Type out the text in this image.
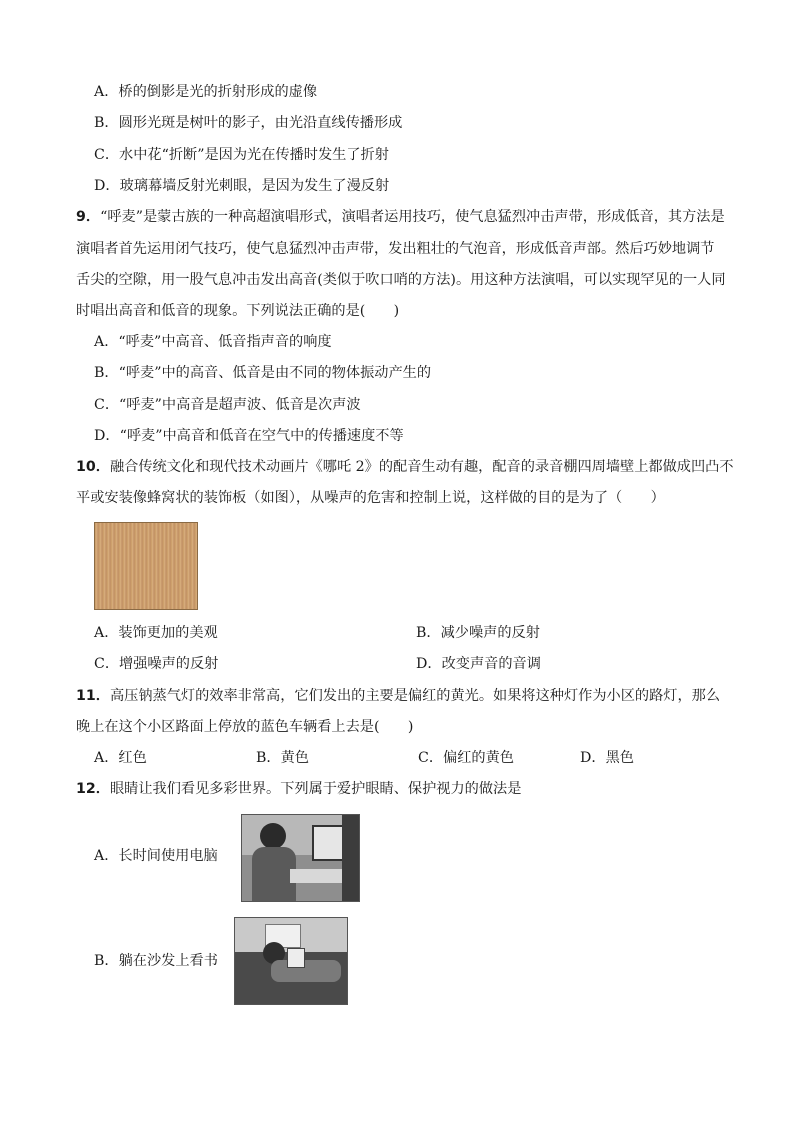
A．桥的倒影是光的折射形成的虚像
B．圆形光斑是树叶的影子，由光沿直线传播形成
C．水中花“折断”是因为光在传播时发生了折射
D．玻璃幕墙反射光刺眼，是因为发生了漫反射
9．“呼麦”是蒙古族的一种高超演唱形式，演唱者运用技巧，使气息猛烈冲击声带，形成低音，其方法是
演唱者首先运用闭气技巧，使气息猛烈冲击声带，发出粗壮的气泡音，形成低音声部。然后巧妙地调节
舌尖的空隙，用一股气息冲击发出高音(类似于吹口哨的方法)。用这种方法演唱，可以实现罕见的一人同
时唱出高音和低音的现象。下列说法正确的是(　　)
A．“呼麦”中高音、低音指声音的响度
B．“呼麦”中的高音、低音是由不同的物体振动产生的
C．“呼麦”中高音是超声波、低音是次声波
D．“呼麦”中高音和低音在空气中的传播速度不等
10．融合传统文化和现代技术动画片《哪吒 2》的配音生动有趣，配音的录音棚四周墙壁上都做成凹凸不
平或安装像蜂窝状的装饰板（如图），从噪声的危害和控制上说，这样做的目的是为了（　　）
A．装饰更加的美观	B．减少噪声的反射
C．增强噪声的反射	D．改变声音的音调
11．高压钠蒸气灯的效率非常高，它们发出的主要是偏红的黄光。如果将这种灯作为小区的路灯，那么
晚上在这个小区路面上停放的蓝色车辆看上去是(　　)
A．红色	B．黄色	C．偏红的黄色	D．黑色
12．眼睛让我们看见多彩世界。下列属于爱护眼睛、保护视力的做法是
A．长时间使用电脑
B．躺在沙发上看书
